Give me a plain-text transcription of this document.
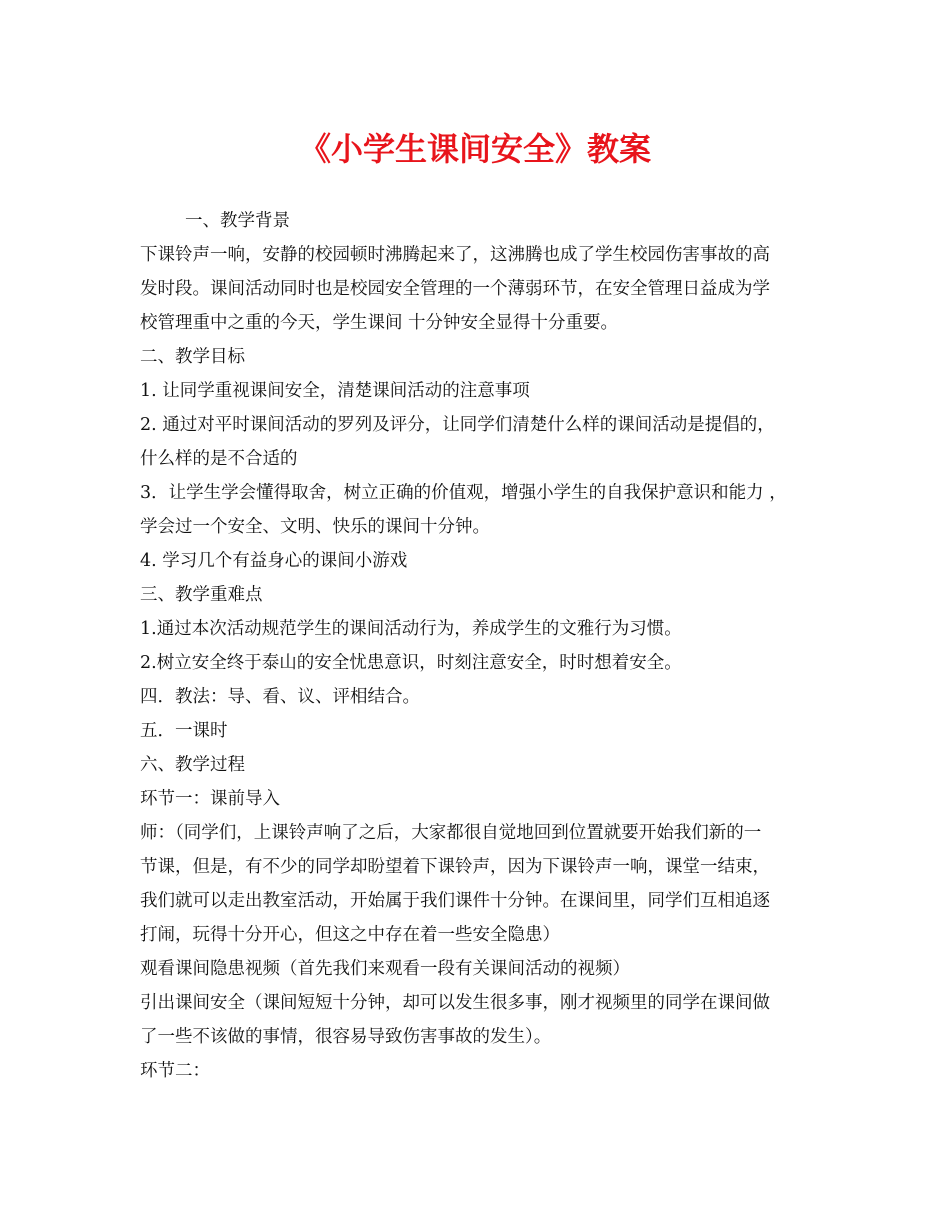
《小学生课间安全》教案

一、教学背景

下课铃声一响，安静的校园顿时沸腾起来了，这沸腾也成了学生校园伤害事故的高

发时段。课间活动同时也是校园安全管理的一个薄弱环节，在安全管理日益成为学

校管理重中之重的今天，学生课间 十分钟安全显得十分重要。

二、教学目标

1. 让同学重视课间安全，清楚课间活动的注意事项

2. 通过对平时课间活动的罗列及评分，让同学们清楚什么样的课间活动是提倡的，

什么样的是不合适的

3．让学生学会懂得取舍，树立正确的价值观，增强小学生的自我保护意识和能力 ，

学会过一个安全、文明、快乐的课间十分钟。

4. 学习几个有益身心的课间小游戏

三、教学重难点

1.通过本次活动规范学生的课间活动行为，养成学生的文雅行为习惯。

2.树立安全终于泰山的安全忧患意识，时刻注意安全，时时想着安全。

四．教法：导、看、议、评相结合。

五．一课时

六、教学过程

环节一：课前导入

师：（同学们，上课铃声响了之后，大家都很自觉地回到位置就要开始我们新的一

节课，但是，有不少的同学却盼望着下课铃声，因为下课铃声一响，课堂一结束，

我们就可以走出教室活动，开始属于我们课件十分钟。在课间里，同学们互相追逐

打闹，玩得十分开心，但这之中存在着一些安全隐患）

观看课间隐患视频（首先我们来观看一段有关课间活动的视频）

引出课间安全（课间短短十分钟，却可以发生很多事，刚才视频里的同学在课间做

了一些不该做的事情，很容易导致伤害事故的发生）。

环节二：
